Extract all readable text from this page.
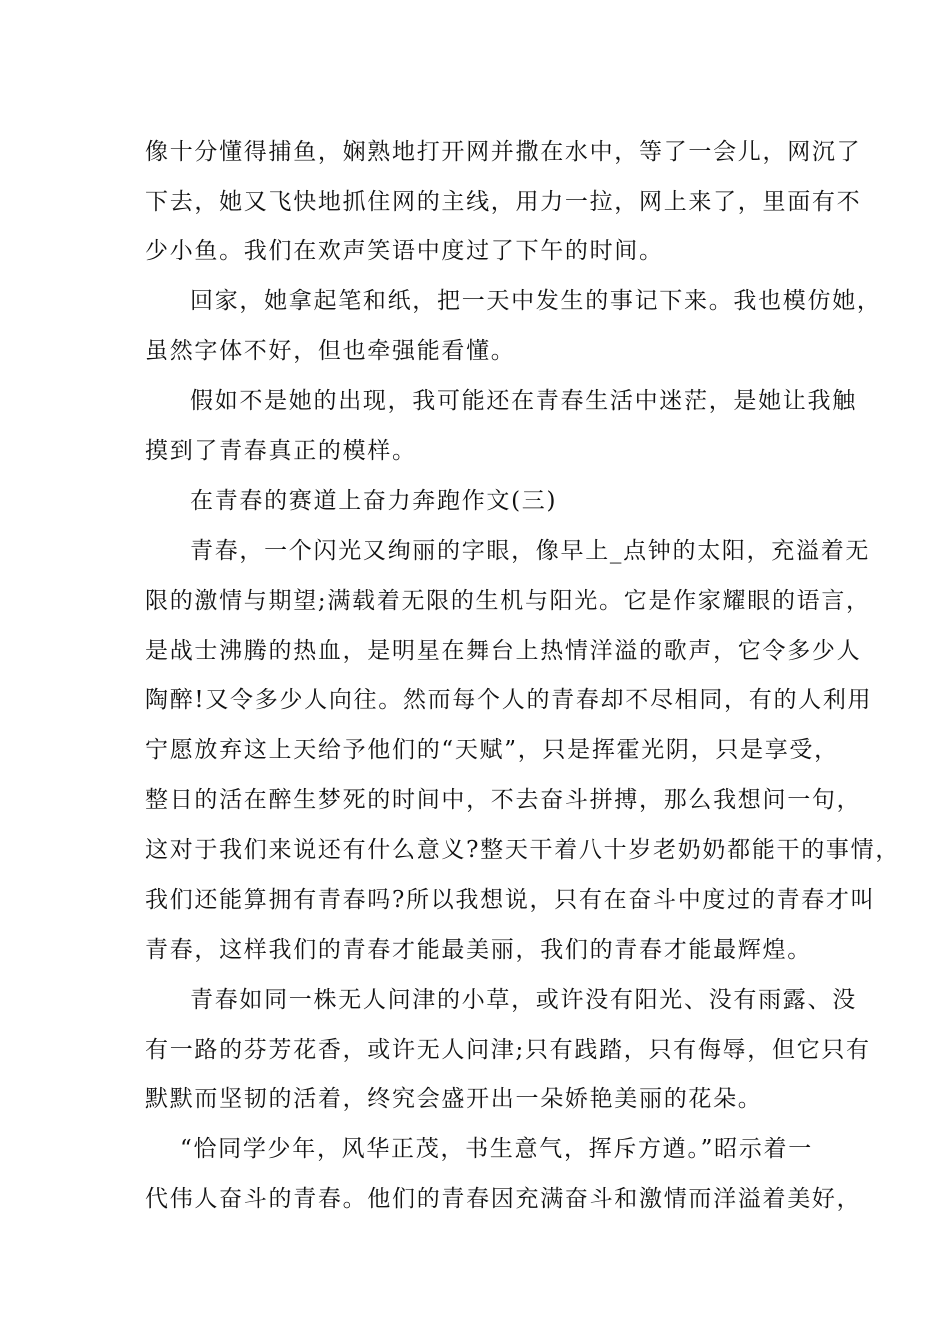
像十分懂得捕鱼，娴熟地打开网并撒在水中，等了一会儿，网沉了
下去，她又飞快地抓住网的主线，用力一拉，网上来了，里面有不
少小鱼。我们在欢声笑语中度过了下午的时间。
回家，她拿起笔和纸，把一天中发生的事记下来。我也模仿她，
虽然字体不好，但也牵强能看懂。
假如不是她的出现，我可能还在青春生活中迷茫，是她让我触
摸到了青春真正的模样。
在青春的赛道上奋力奔跑作文(三)
青春，一个闪光又绚丽的字眼，像早上_点钟的太阳，充溢着无
限的激情与期望;满载着无限的生机与阳光。它是作家耀眼的语言，
是战士沸腾的热血，是明星在舞台上热情洋溢的歌声，它令多少人
陶醉!又令多少人向往。然而每个人的青春却不尽相同，有的人利用
宁愿放弃这上天给予他们的“天赋”，只是挥霍光阴，只是享受，
整日的活在醉生梦死的时间中，不去奋斗拼搏，那么我想问一句，
这对于我们来说还有什么意义?整天干着八十岁老奶奶都能干的事情，
我们还能算拥有青春吗?所以我想说，只有在奋斗中度过的青春才叫
青春，这样我们的青春才能最美丽，我们的青春才能最辉煌。
青春如同一株无人问津的小草，或许没有阳光、没有雨露、没
有一路的芬芳花香，或许无人问津;只有践踏，只有侮辱，但它只有
默默而坚韧的活着，终究会盛开出一朵娇艳美丽的花朵。
“恰同学少年，风华正茂，书生意气，挥斥方遒。”昭示着一
代伟人奋斗的青春。他们的青春因充满奋斗和激情而洋溢着美好，
